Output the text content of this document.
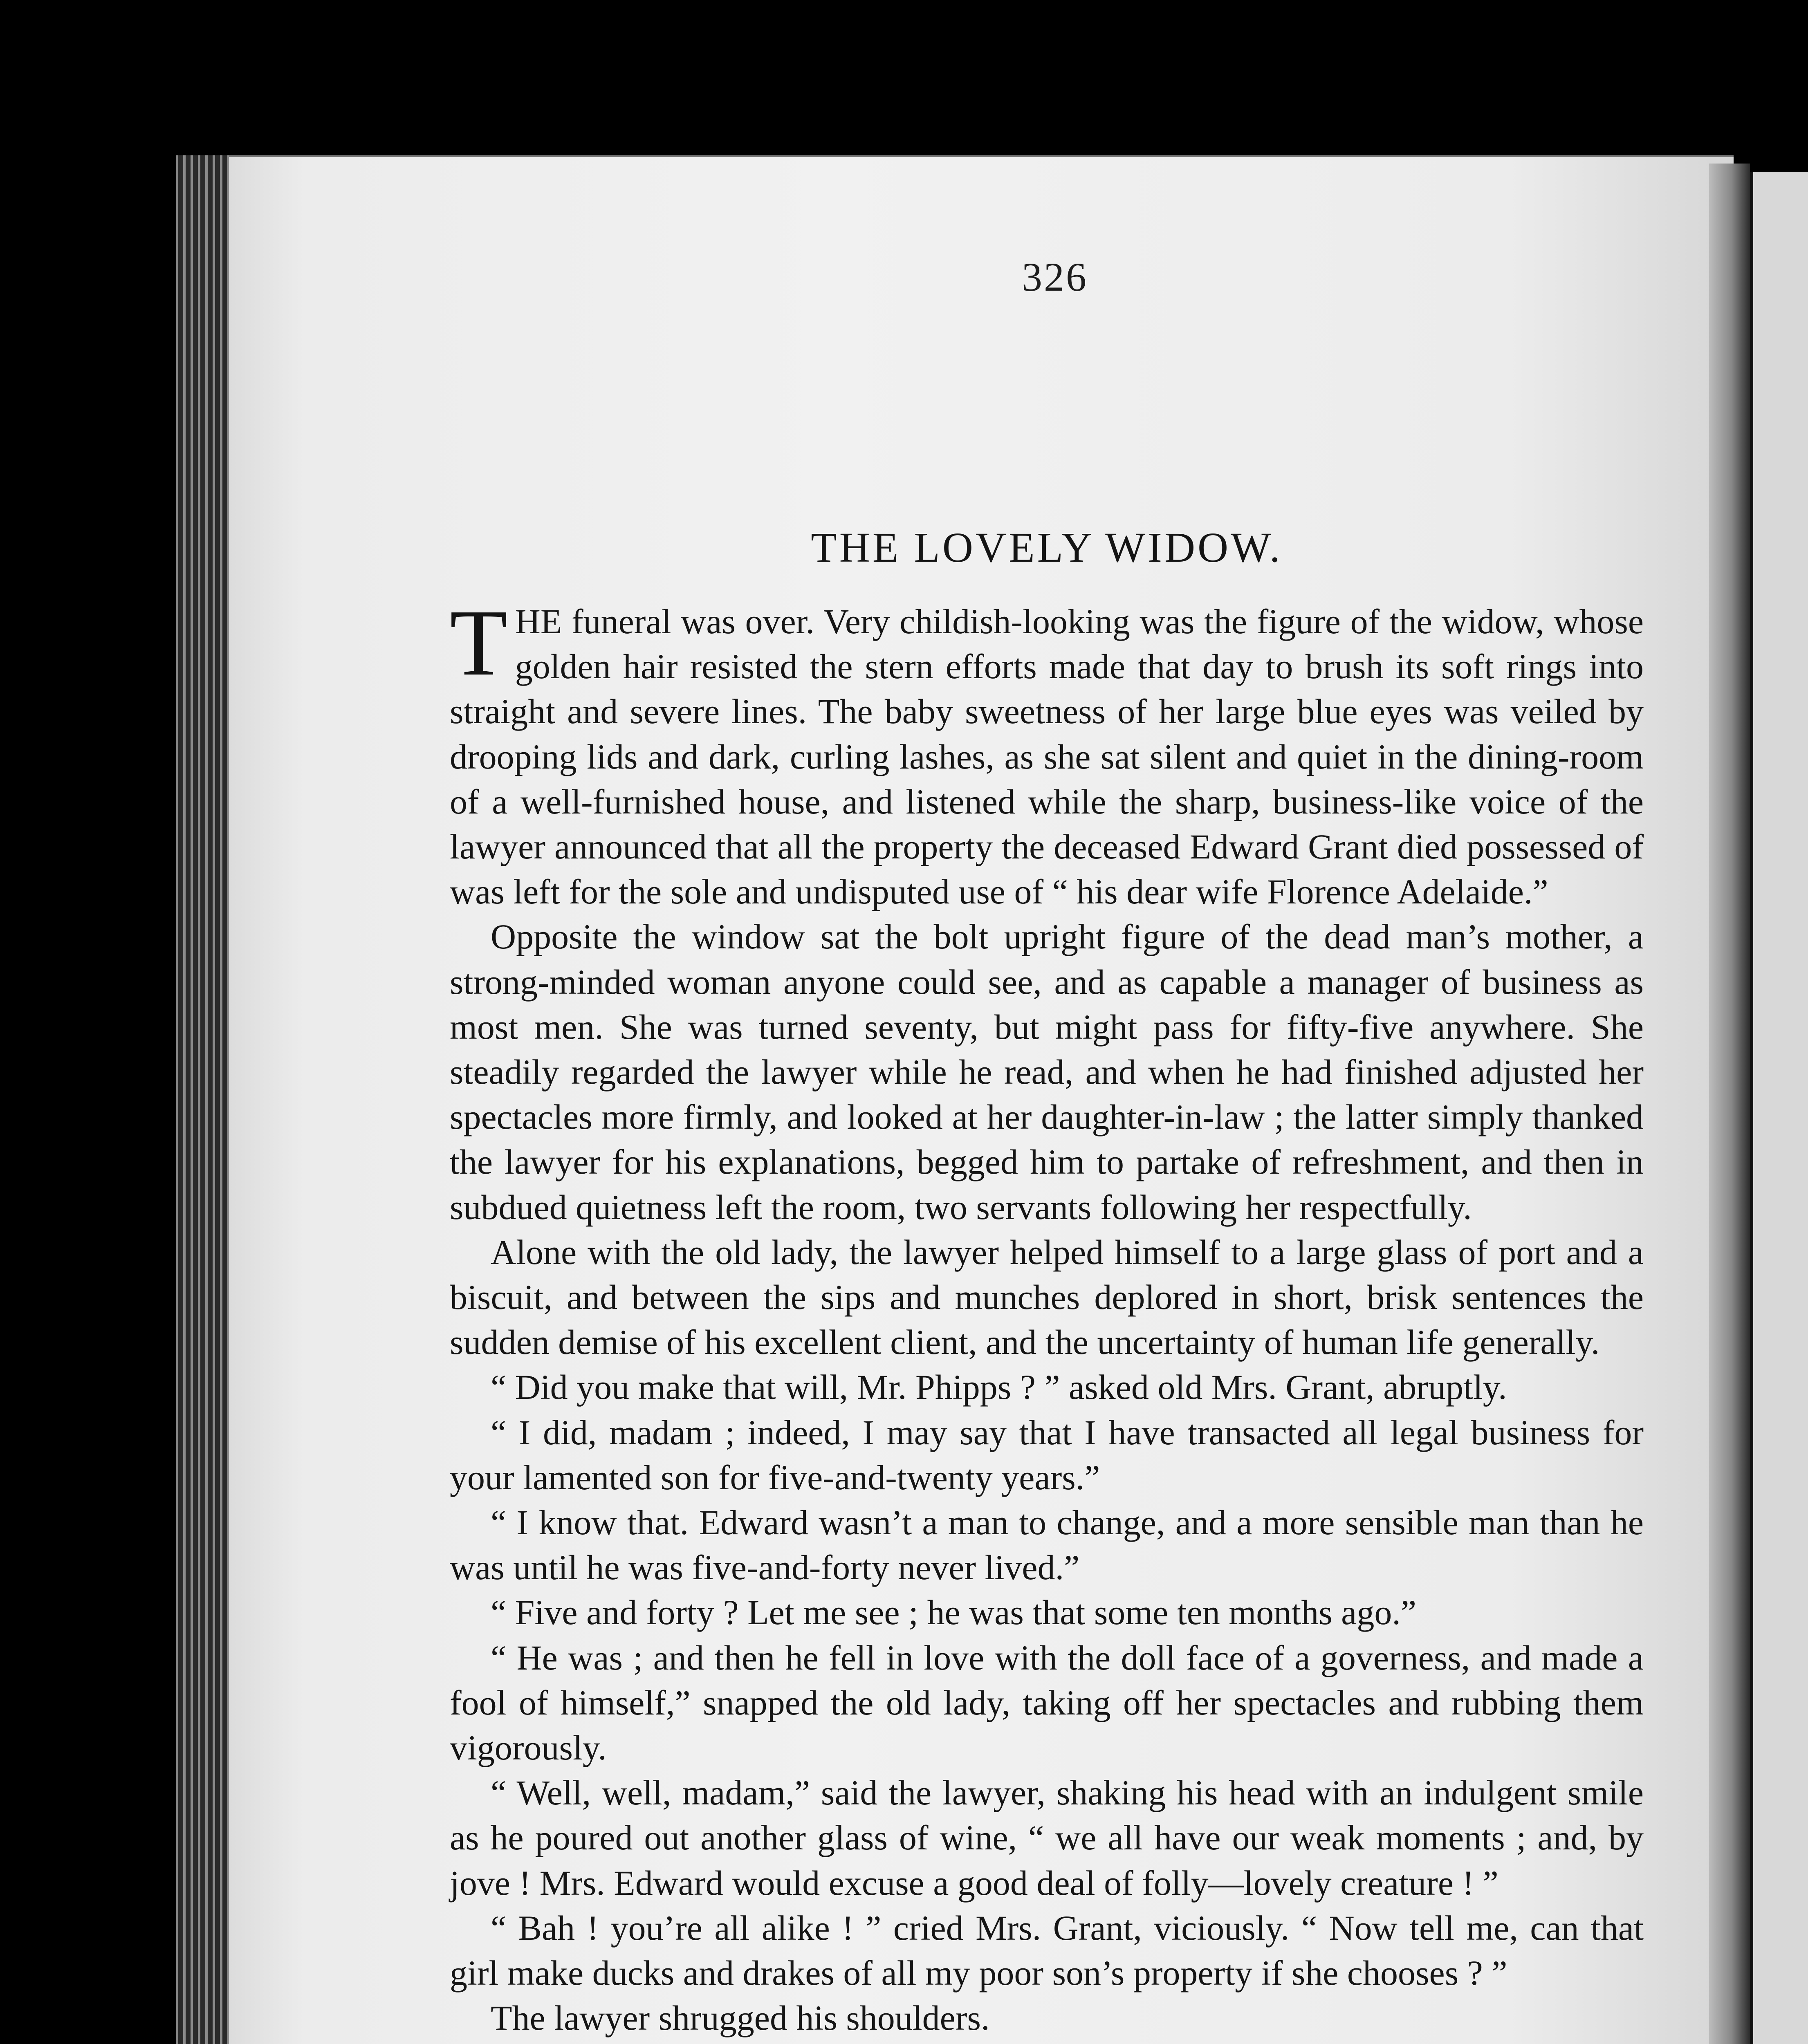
326
THE LOVELY WIDOW.

THE funeral was over. Very childish-looking was the figure of the widow, whose golden hair resisted the stern efforts made that day to brush its soft rings into straight and severe lines. The baby sweetness of her large blue eyes was veiled by drooping lids and dark, curling lashes, as she sat silent and quiet in the dining-room of a well-furnished house, and listened while the sharp, business-like voice of the lawyer announced that all the property the deceased Edward Grant died possessed of was left for the sole and undisputed use of “ his dear wife Florence Adelaide.”

Opposite the window sat the bolt upright figure of the dead man’s mother, a strong-minded woman anyone could see, and as capable a manager of business as most men. She was turned seventy, but might pass for fifty-five anywhere. She steadily regarded the lawyer while he read, and when he had finished adjusted her spectacles more firmly, and looked at her daughter-in-law ; the latter simply thanked the lawyer for his explanations, begged him to partake of refreshment, and then in subdued quietness left the room, two servants following her respectfully.

Alone with the old lady, the lawyer helped himself to a large glass of port and a biscuit, and between the sips and munches deplored in short, brisk sentences the sudden demise of his excellent client, and the uncertainty of human life generally.

“ Did you make that will, Mr. Phipps ? ” asked old Mrs. Grant, abruptly.

“ I did, madam ; indeed, I may say that I have transacted all legal business for your lamented son for five-and-twenty years.”

“ I know that. Edward wasn’t a man to change, and a more sensible man than he was until he was five-and-forty never lived.”

“ Five and forty ? Let me see ; he was that some ten months ago.”

“ He was ; and then he fell in love with the doll face of a governess, and made a fool of himself,” snapped the old lady, taking off her spectacles and rubbing them vigorously.

“ Well, well, madam,” said the lawyer, shaking his head with an indulgent smile as he poured out another glass of wine, “ we all have our weak moments ; and, by jove ! Mrs. Edward would excuse a good deal of folly—lovely creature ! ”

“ Bah ! you’re all alike ! ” cried Mrs. Grant, viciously. “ Now tell me, can that girl make ducks and drakes of all my poor son’s property if she chooses ? ”

The lawyer shrugged his shoulders.
